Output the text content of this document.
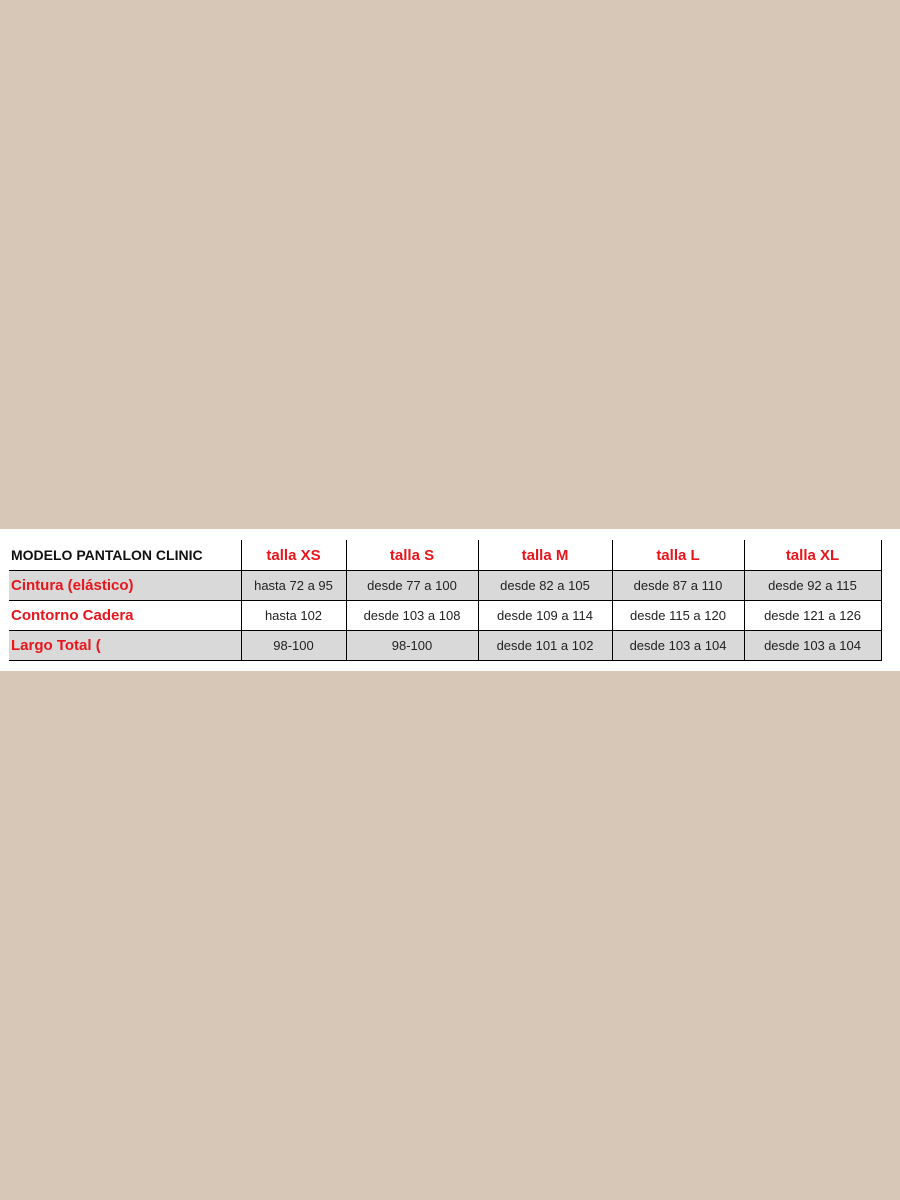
MODELO PANTALON CLINIC	talla XS	talla S	talla M	talla L	talla XL
Cintura (elástico)	hasta 72 a 95	desde 77 a 100	desde 82 a 105	desde 87 a 110	desde 92 a 115
Contorno Cadera	hasta 102	desde 103 a 108	desde 109 a 114	desde 115 a 120	desde 121 a 126
Largo Total (	98-100	98-100	desde 101 a 102	desde 103 a 104	desde 103 a 104
